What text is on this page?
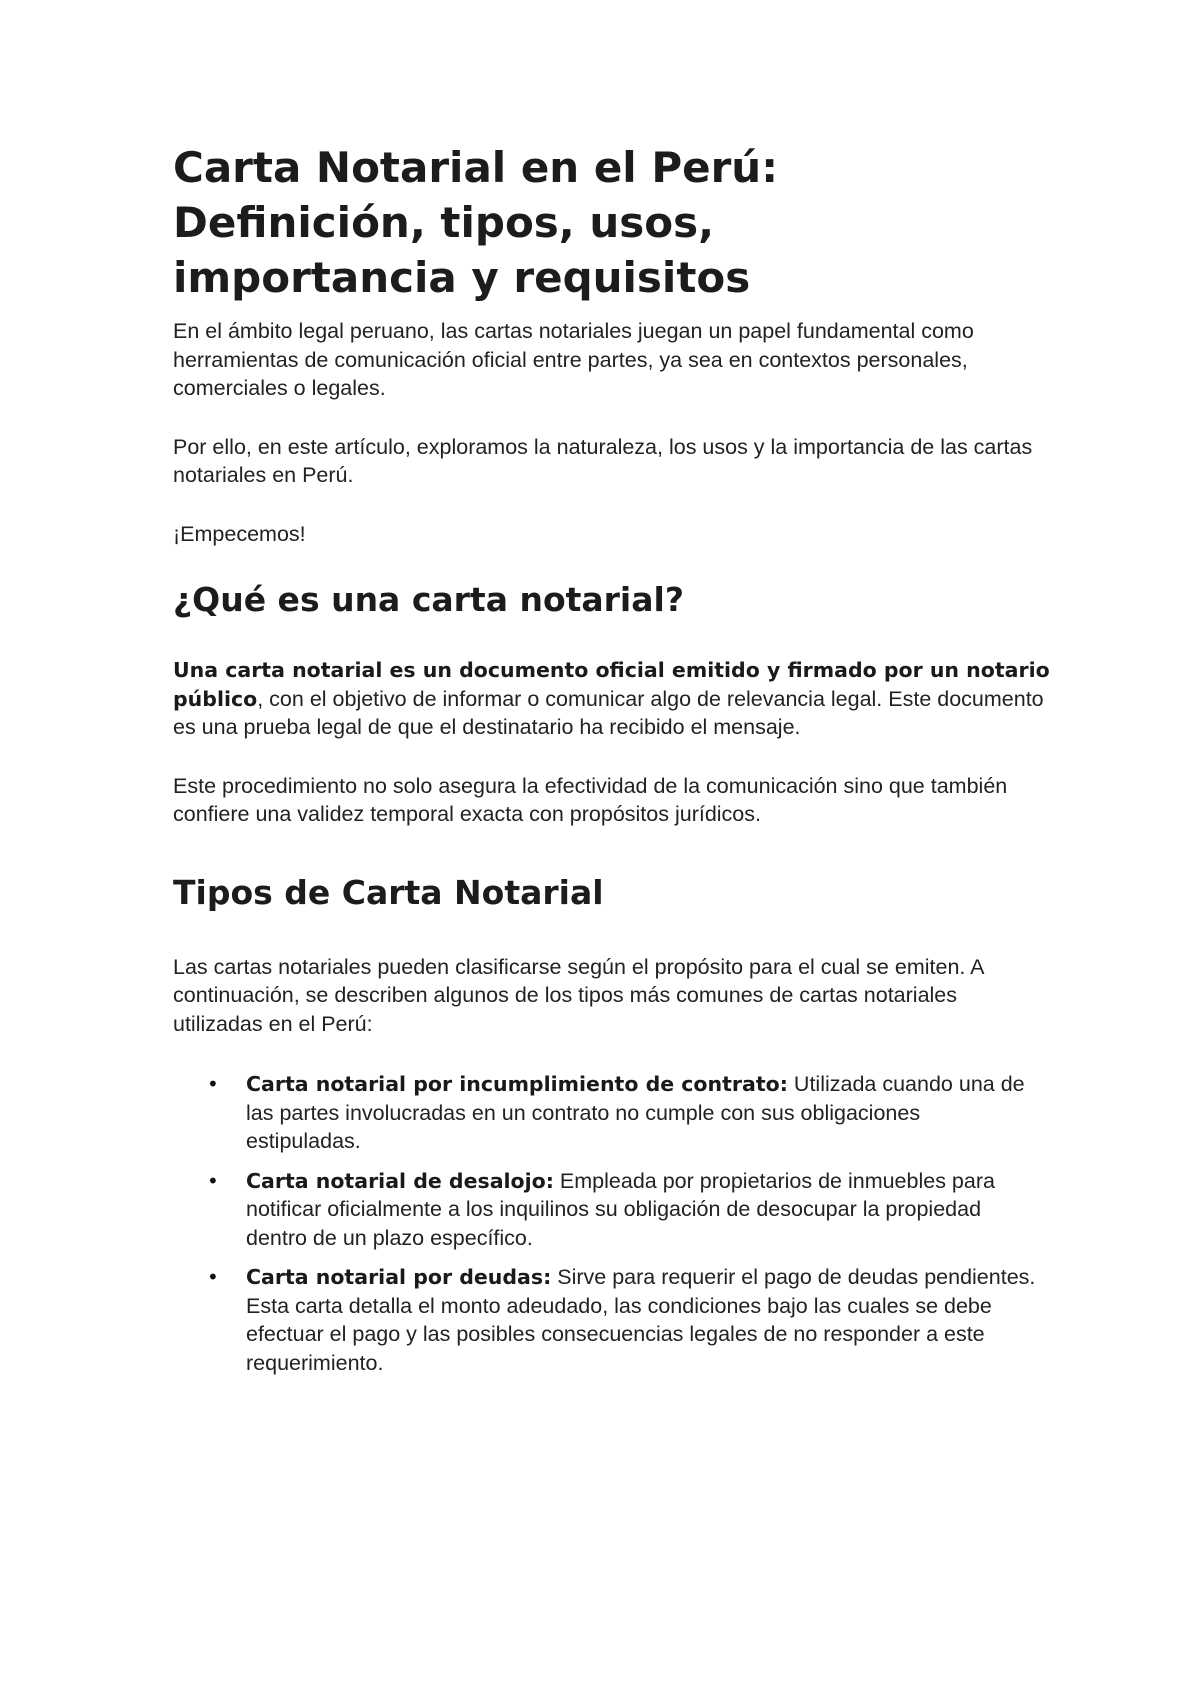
Carta Notarial en el Perú: Definición, tipos, usos, importancia y requisitos

En el ámbito legal peruano, las cartas notariales juegan un papel fundamental como herramientas de comunicación oficial entre partes, ya sea en contextos personales, comerciales o legales.

Por ello, en este artículo, exploramos la naturaleza, los usos y la importancia de las cartas notariales en Perú.

¡Empecemos!

¿Qué es una carta notarial?

Una carta notarial es un documento oficial emitido y firmado por un notario público, con el objetivo de informar o comunicar algo de relevancia legal. Este documento es una prueba legal de que el destinatario ha recibido el mensaje.

Este procedimiento no solo asegura la efectividad de la comunicación sino que también confiere una validez temporal exacta con propósitos jurídicos.

Tipos de Carta Notarial

Las cartas notariales pueden clasificarse según el propósito para el cual se emiten. A continuación, se describen algunos de los tipos más comunes de cartas notariales utilizadas en el Perú:

• Carta notarial por incumplimiento de contrato: Utilizada cuando una de las partes involucradas en un contrato no cumple con sus obligaciones estipuladas.
• Carta notarial de desalojo: Empleada por propietarios de inmuebles para notificar oficialmente a los inquilinos su obligación de desocupar la propiedad dentro de un plazo específico.
• Carta notarial por deudas: Sirve para requerir el pago de deudas pendientes. Esta carta detalla el monto adeudado, las condiciones bajo las cuales se debe efectuar el pago y las posibles consecuencias legales de no responder a este requerimiento.
